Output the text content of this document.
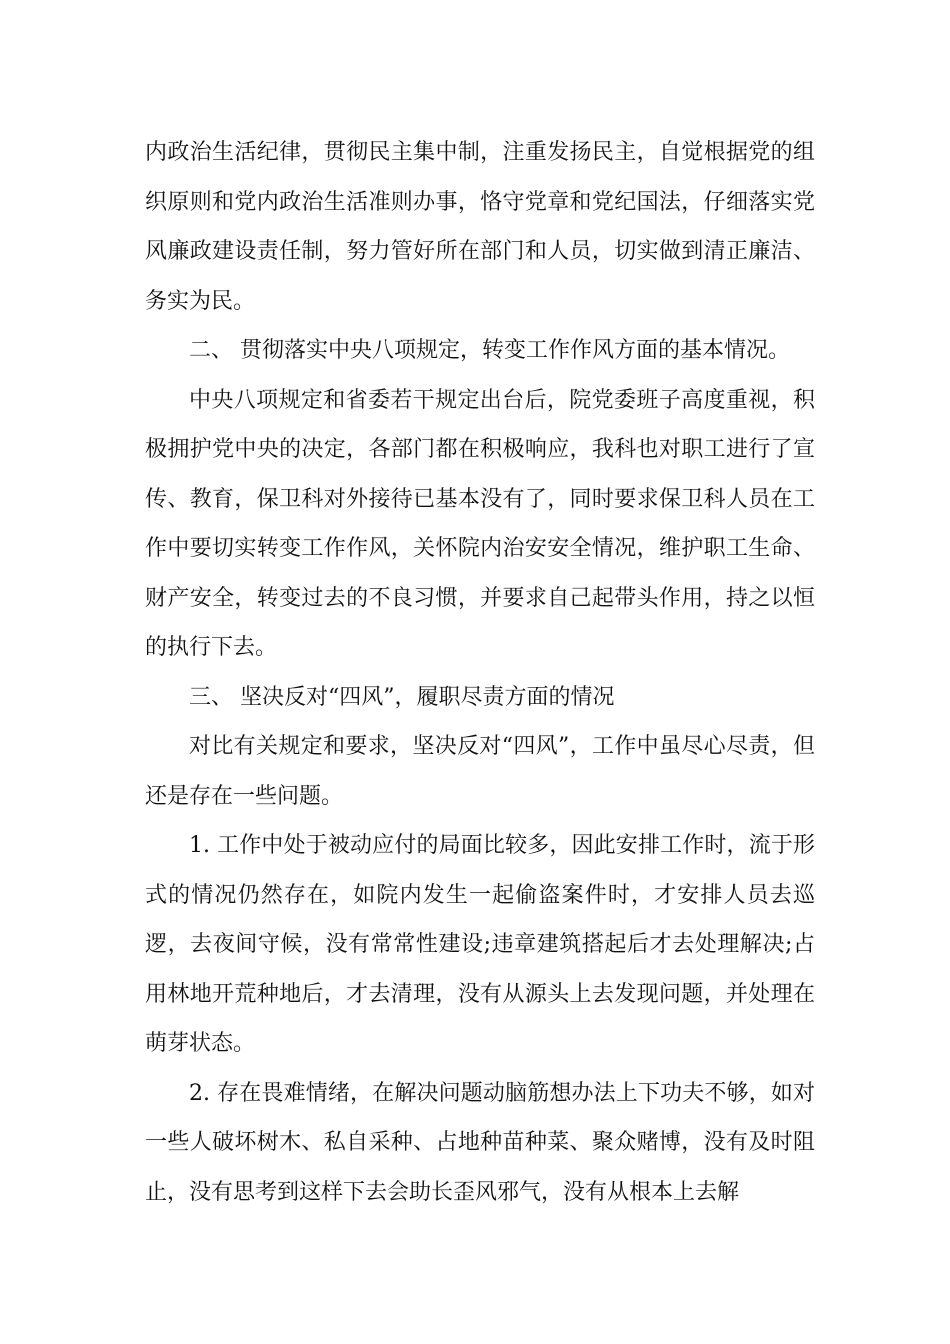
内政治生活纪律，贯彻民主集中制，注重发扬民主，自觉根据党的组织原则和党内政治生活准则办事，恪守党章和党纪国法，仔细落实党风廉政建设责任制，努力管好所在部门和人员，切实做到清正廉洁、务实为民。

二、 贯彻落实中央八项规定，转变工作作风方面的基本情况。

中央八项规定和省委若干规定出台后，院党委班子高度重视，积极拥护党中央的决定，各部门都在积极响应，我科也对职工进行了宣传、教育，保卫科对外接待已基本没有了，同时要求保卫科人员在工作中要切实转变工作作风，关怀院内治安安全情况，维护职工生命、财产安全，转变过去的不良习惯，并要求自己起带头作用，持之以恒的执行下去。

三、 坚决反对“四风”，履职尽责方面的情况

对比有关规定和要求，坚决反对“四风”，工作中虽尽心尽责，但还是存在一些问题。

1. 工作中处于被动应付的局面比较多，因此安排工作时，流于形式的情况仍然存在，如院内发生一起偷盗案件时，才安排人员去巡逻，去夜间守候，没有常常性建设;违章建筑搭起后才去处理解决;占用林地开荒种地后，才去清理，没有从源头上去发现问题，并处理在萌芽状态。

2. 存在畏难情绪，在解决问题动脑筋想办法上下功夫不够，如对一些人破坏树木、私自采种、占地种苗种菜、聚众赌博，没有及时阻止，没有思考到这样下去会助长歪风邪气，没有从根本上去解
